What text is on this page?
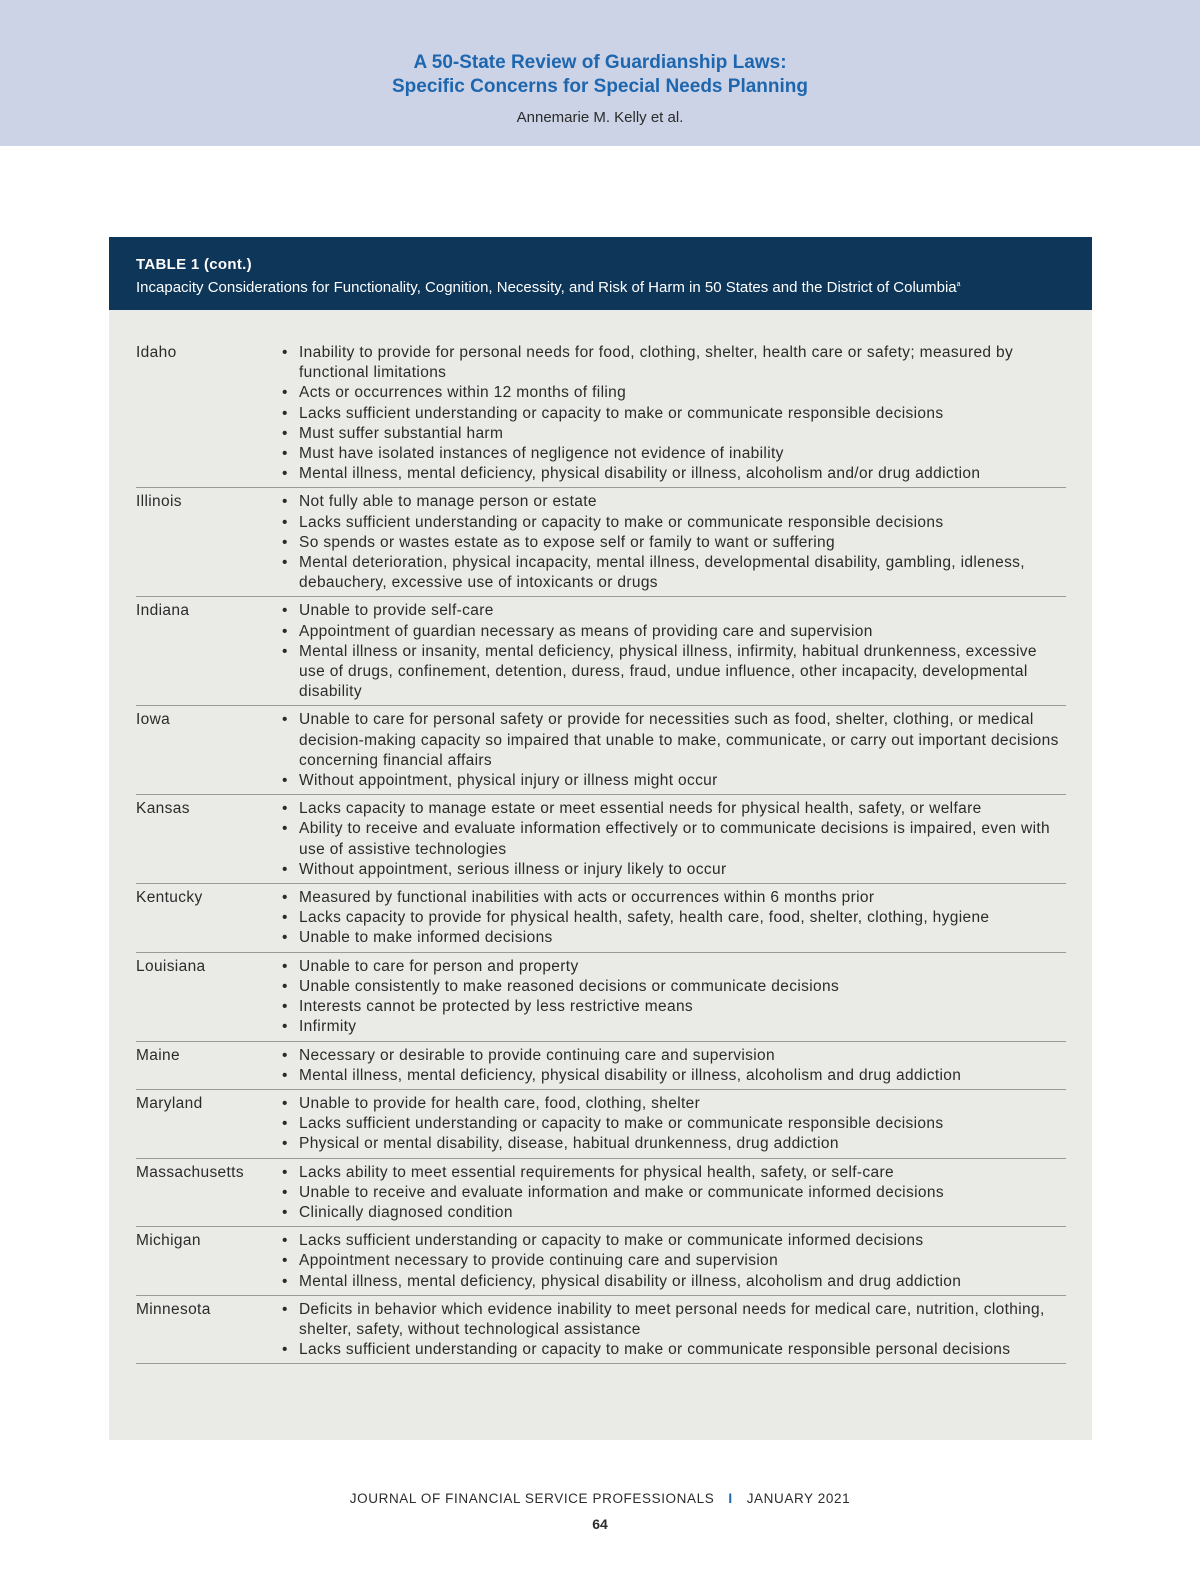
A 50-State Review of Guardianship Laws:
Specific Concerns for Special Needs Planning
Annemarie M. Kelly et al.
TABLE 1 (cont.)
Incapacity Considerations for Functionality, Cognition, Necessity, and Risk of Harm in 50 States and the District of Columbia$^a$
Idaho	• Inability to provide for personal needs for food, clothing, shelter, health care or safety; measured by functional limitations
• Acts or occurrences within 12 months of filing
• Lacks sufficient understanding or capacity to make or communicate responsible decisions
• Must suffer substantial harm
• Must have isolated instances of negligence not evidence of inability
• Mental illness, mental deficiency, physical disability or illness, alcoholism and/or drug addiction
Illinois	• Not fully able to manage person or estate
• Lacks sufficient understanding or capacity to make or communicate responsible decisions
• So spends or wastes estate as to expose self or family to want or suffering
• Mental deterioration, physical incapacity, mental illness, developmental disability, gambling, idleness, debauchery, excessive use of intoxicants or drugs
Indiana	• Unable to provide self-care
• Appointment of guardian necessary as means of providing care and supervision
• Mental illness or insanity, mental deficiency, physical illness, infirmity, habitual drunkenness, excessive use of drugs, confinement, detention, duress, fraud, undue influence, other incapacity, developmental disability
Iowa	• Unable to care for personal safety or provide for necessities such as food, shelter, clothing, or medical decision-making capacity so impaired that unable to make, communicate, or carry out important decisions concerning financial affairs
• Without appointment, physical injury or illness might occur
Kansas	• Lacks capacity to manage estate or meet essential needs for physical health, safety, or welfare
• Ability to receive and evaluate information effectively or to communicate decisions is impaired, even with use of assistive technologies
• Without appointment, serious illness or injury likely to occur
Kentucky	• Measured by functional inabilities with acts or occurrences within 6 months prior
• Lacks capacity to provide for physical health, safety, health care, food, shelter, clothing, hygiene
• Unable to make informed decisions
Louisiana	• Unable to care for person and property
• Unable consistently to make reasoned decisions or communicate decisions
• Interests cannot be protected by less restrictive means
• Infirmity
Maine	• Necessary or desirable to provide continuing care and supervision
• Mental illness, mental deficiency, physical disability or illness, alcoholism and drug addiction
Maryland	• Unable to provide for health care, food, clothing, shelter
• Lacks sufficient understanding or capacity to make or communicate responsible decisions
• Physical or mental disability, disease, habitual drunkenness, drug addiction
Massachusetts	• Lacks ability to meet essential requirements for physical health, safety, or self-care
• Unable to receive and evaluate information and make or communicate informed decisions
• Clinically diagnosed condition
Michigan	• Lacks sufficient understanding or capacity to make or communicate informed decisions
• Appointment necessary to provide continuing care and supervision
• Mental illness, mental deficiency, physical disability or illness, alcoholism and drug addiction
Minnesota	• Deficits in behavior which evidence inability to meet personal needs for medical care, nutrition, clothing, shelter, safety, without technological assistance
• Lacks sufficient understanding or capacity to make or communicate responsible personal decisions
JOURNAL OF FINANCIAL SERVICE PROFESSIONALS I JANUARY 2021
64
